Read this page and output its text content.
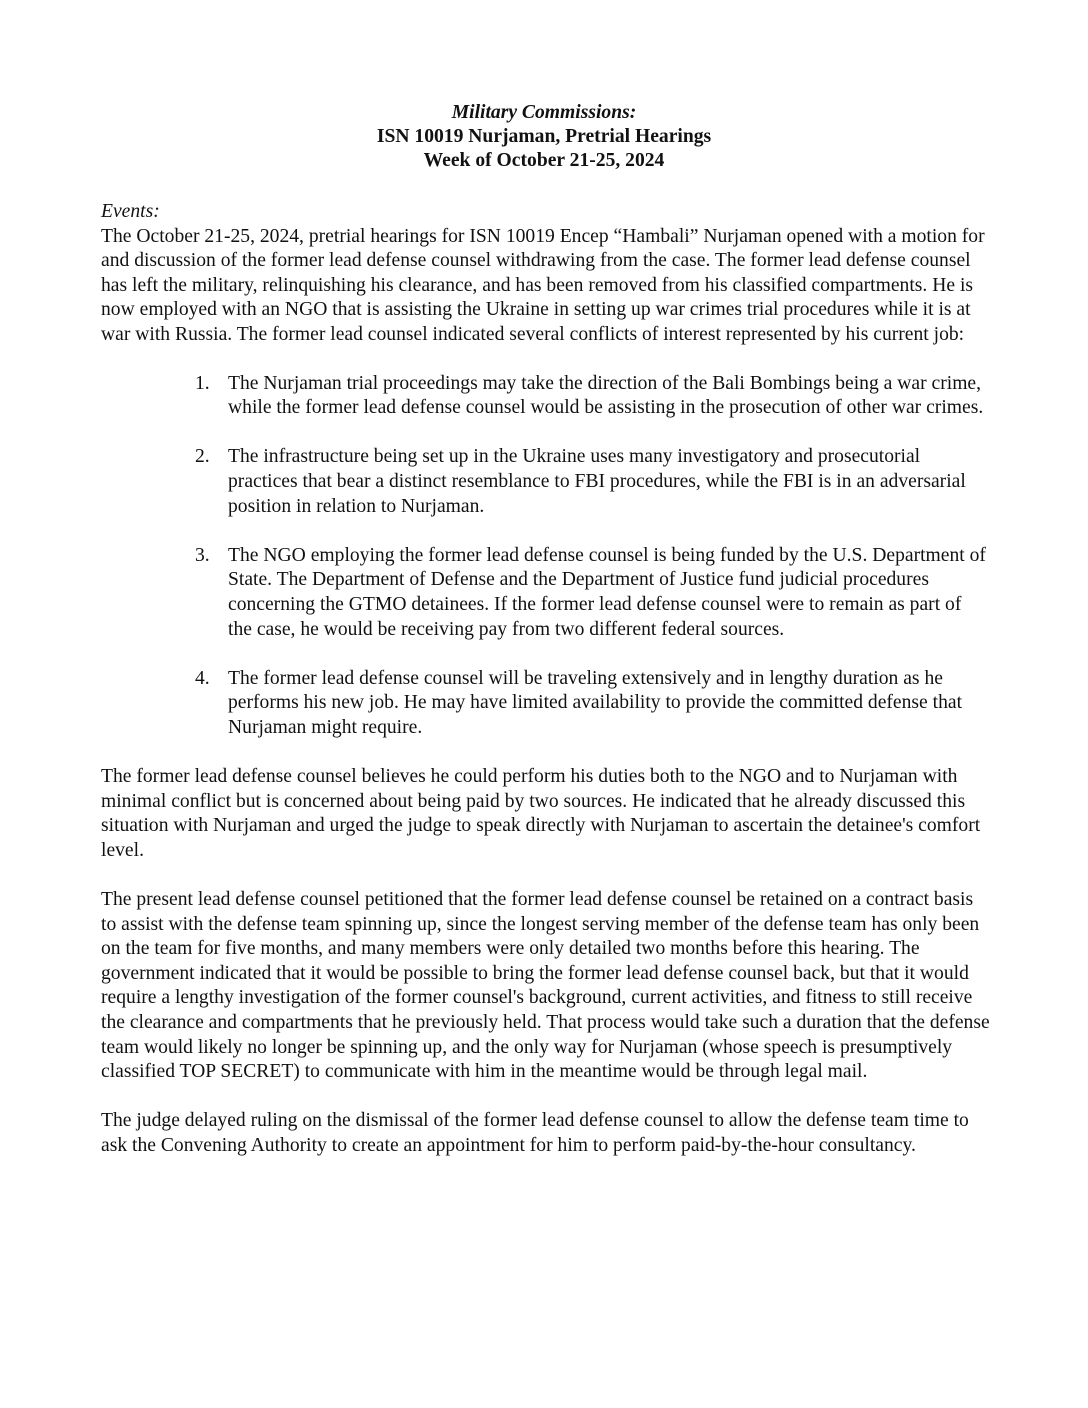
Military Commissions:
ISN 10019 Nurjaman, Pretrial Hearings
Week of October 21-25, 2024

Events:

The October 21-25, 2024, pretrial hearings for ISN 10019 Encep “Hambali” Nurjaman opened with a motion for and discussion of the former lead defense counsel withdrawing from the case. The former lead defense counsel has left the military, relinquishing his clearance, and has been removed from his classified compartments. He is now employed with an NGO that is assisting the Ukraine in setting up war crimes trial procedures while it is at war with Russia. The former lead counsel indicated several conflicts of interest represented by his current job:

1. The Nurjaman trial proceedings may take the direction of the Bali Bombings being a war crime, while the former lead defense counsel would be assisting in the prosecution of other war crimes.
2. The infrastructure being set up in the Ukraine uses many investigatory and prosecutorial practices that bear a distinct resemblance to FBI procedures, while the FBI is in an adversarial position in relation to Nurjaman.
3. The NGO employing the former lead defense counsel is being funded by the U.S. Department of State. The Department of Defense and the Department of Justice fund judicial procedures concerning the GTMO detainees. If the former lead defense counsel were to remain as part of the case, he would be receiving pay from two different federal sources.
4. The former lead defense counsel will be traveling extensively and in lengthy duration as he performs his new job. He may have limited availability to provide the committed defense that Nurjaman might require.

The former lead defense counsel believes he could perform his duties both to the NGO and to Nurjaman with minimal conflict but is concerned about being paid by two sources. He indicated that he already discussed this situation with Nurjaman and urged the judge to speak directly with Nurjaman to ascertain the detainee's comfort level.

The present lead defense counsel petitioned that the former lead defense counsel be retained on a contract basis to assist with the defense team spinning up, since the longest serving member of the defense team has only been on the team for five months, and many members were only detailed two months before this hearing. The government indicated that it would be possible to bring the former lead defense counsel back, but that it would require a lengthy investigation of the former counsel's background, current activities, and fitness to still receive the clearance and compartments that he previously held. That process would take such a duration that the defense team would likely no longer be spinning up, and the only way for Nurjaman (whose speech is presumptively classified TOP SECRET) to communicate with him in the meantime would be through legal mail.

The judge delayed ruling on the dismissal of the former lead defense counsel to allow the defense team time to ask the Convening Authority to create an appointment for him to perform paid-by-the-hour consultancy.
